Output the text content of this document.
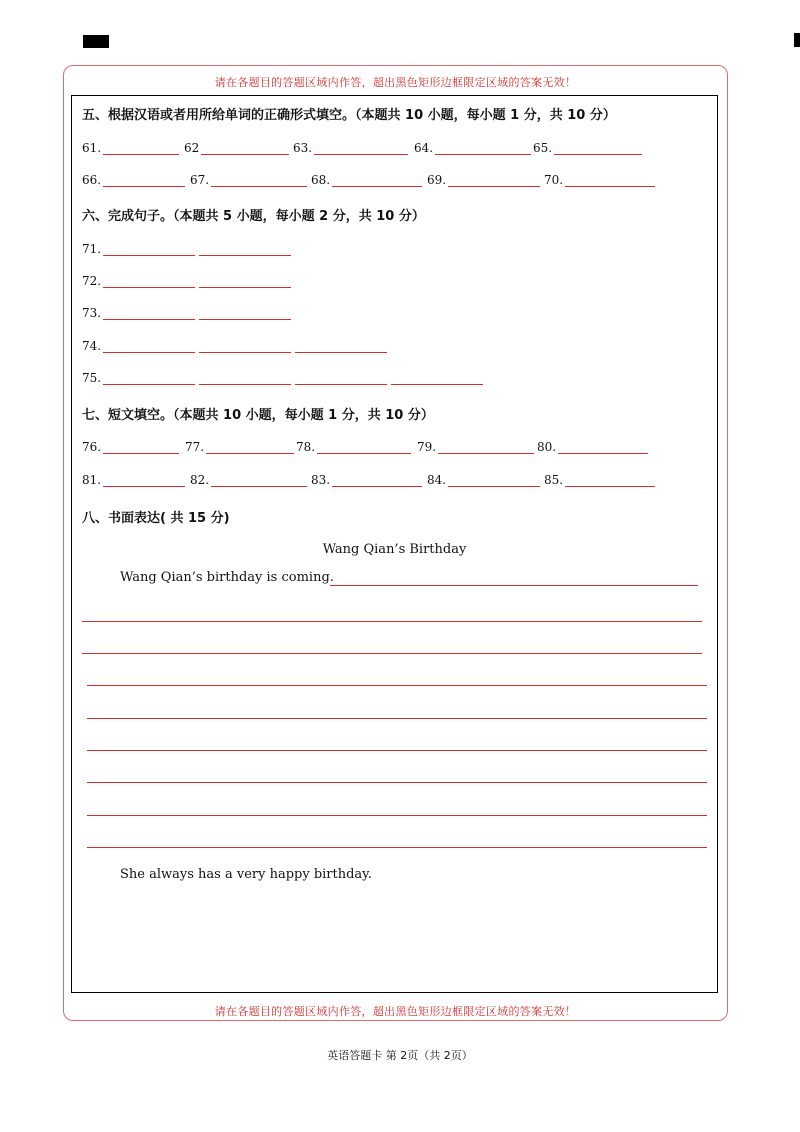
请在各题目的答题区域内作答，超出黑色矩形边框限定区域的答案无效！
请在各题目的答题区域内作答，超出黑色矩形边框限定区域的答案无效！
五、根据汉语或者用所给单词的正确形式填空。（本题共 10 小题，每小题 1 分，共 10 分）
61.	62	63.	64.	65.
66.	67.	68.	69.	70.
六、完成句子。（本题共 5 小题，每小题 2 分，共 10 分）
71.
72.
73.
74.
75.
七、短文填空。（本题共 10 小题，每小题 1 分，共 10 分）
76.	77.	78.	79.	80.
81.	82.	83.	84.	85.
八、书面表达( 共 15 分)
Wang Qian’s Birthday
Wang Qian’s birthday is coming.
She always has a very happy birthday.
英语答题卡 第 2页（共 2页）
